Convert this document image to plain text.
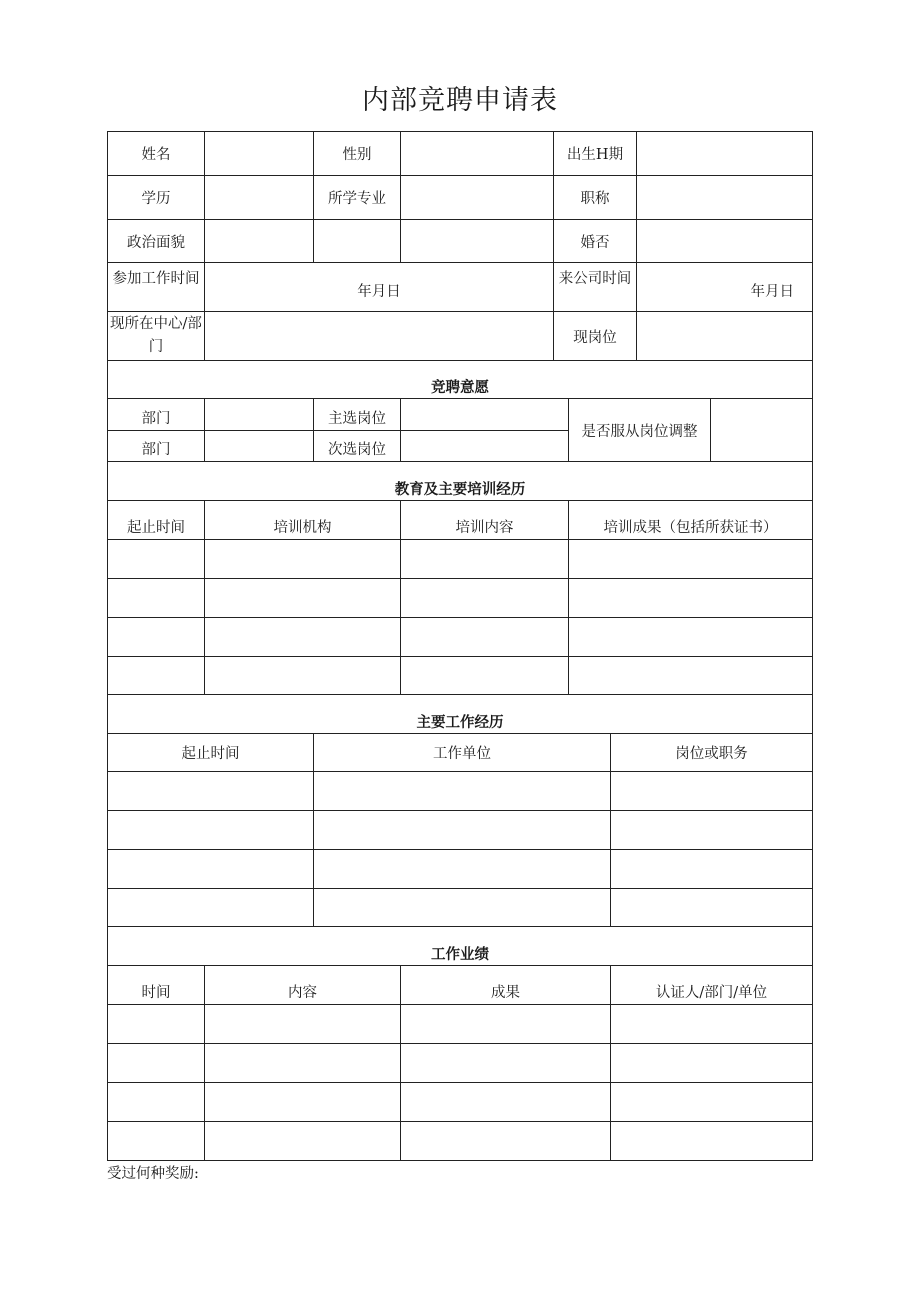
内部竞聘申请表
姓名		性别		出生H期	
学历		所学专业		职称	
政治面貌				婚否	
参加工作时间	年月日			来公司时间	年月日
现所在中心/部门				现岗位	
竞聘意愿					
部门		主选岗位		是否服从岗位调整	
部门		次选岗位			
教育及主要培训经历			
起止时间	培训机构	培训内容	培训成果（包括所获证书）

主要工作经历		
起止时间	工作单位	岗位或职务

工作业绩			
时间	内容	成果	认证人/部门/单位

受过何种奖励:
